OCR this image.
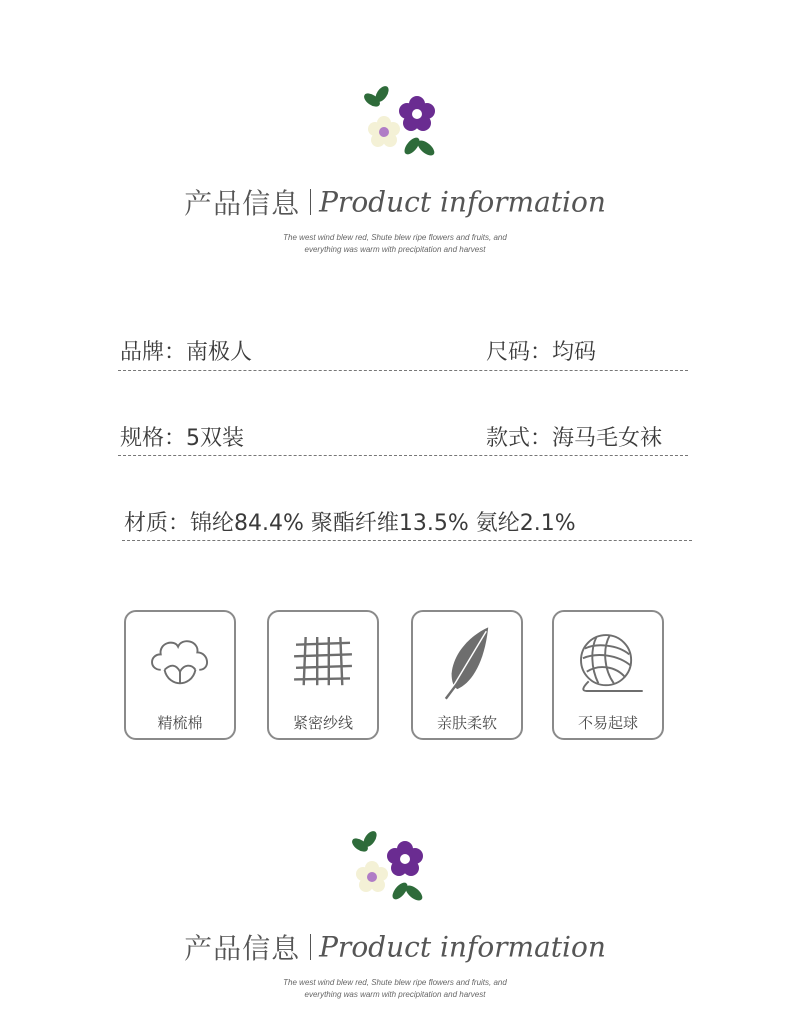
产品信息 Product information
The west wind blew red, Shute blew ripe flowers and fruits, and
everything was warm with precipitation and harvest
品牌：南极人	尺码：均码
规格：5双装	款式：海马毛女袜
材质：锦纶84.4% 聚酯纤维13.5% 氨纶2.1%
精梳棉	紧密纱线	亲肤柔软	不易起球
产品信息 Product information
The west wind blew red, Shute blew ripe flowers and fruits, and
everything was warm with precipitation and harvest
